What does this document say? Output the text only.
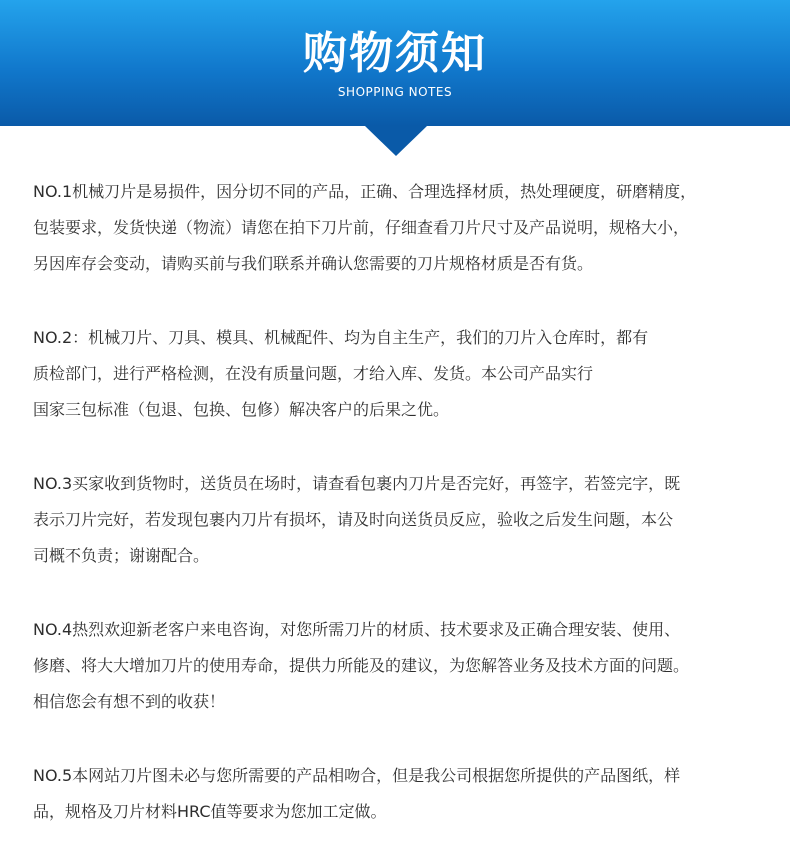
购物须知
SHOPPING NOTES
NO.1机械刀片是易损件，因分切不同的产品，正确、合理选择材质，热处理硬度，研磨精度，
包装要求，发货快递（物流）请您在拍下刀片前，仔细查看刀片尺寸及产品说明，规格大小，
另因库存会变动，请购买前与我们联系并确认您需要的刀片规格材质是否有货。
NO.2：机械刀片、刀具、模具、机械配件、均为自主生产，我们的刀片入仓库时，都有
质检部门，进行严格检测，在没有质量问题，才给入库、发货。本公司产品实行
国家三包标准（包退、包换、包修）解决客户的后果之优。
NO.3买家收到货物时，送货员在场时，请查看包裹内刀片是否完好，再签字，若签完字，既
表示刀片完好，若发现包裹内刀片有损坏，请及时向送货员反应，验收之后发生问题，本公
司概不负责；谢谢配合。
NO.4热烈欢迎新老客户来电咨询，对您所需刀片的材质、技术要求及正确合理安装、使用、
修磨、将大大增加刀片的使用寿命，提供力所能及的建议，为您解答业务及技术方面的问题。
相信您会有想不到的收获！
NO.5本网站刀片图未必与您所需要的产品相吻合，但是我公司根据您所提供的产品图纸，样
品，规格及刀片材料HRC值等要求为您加工定做。
